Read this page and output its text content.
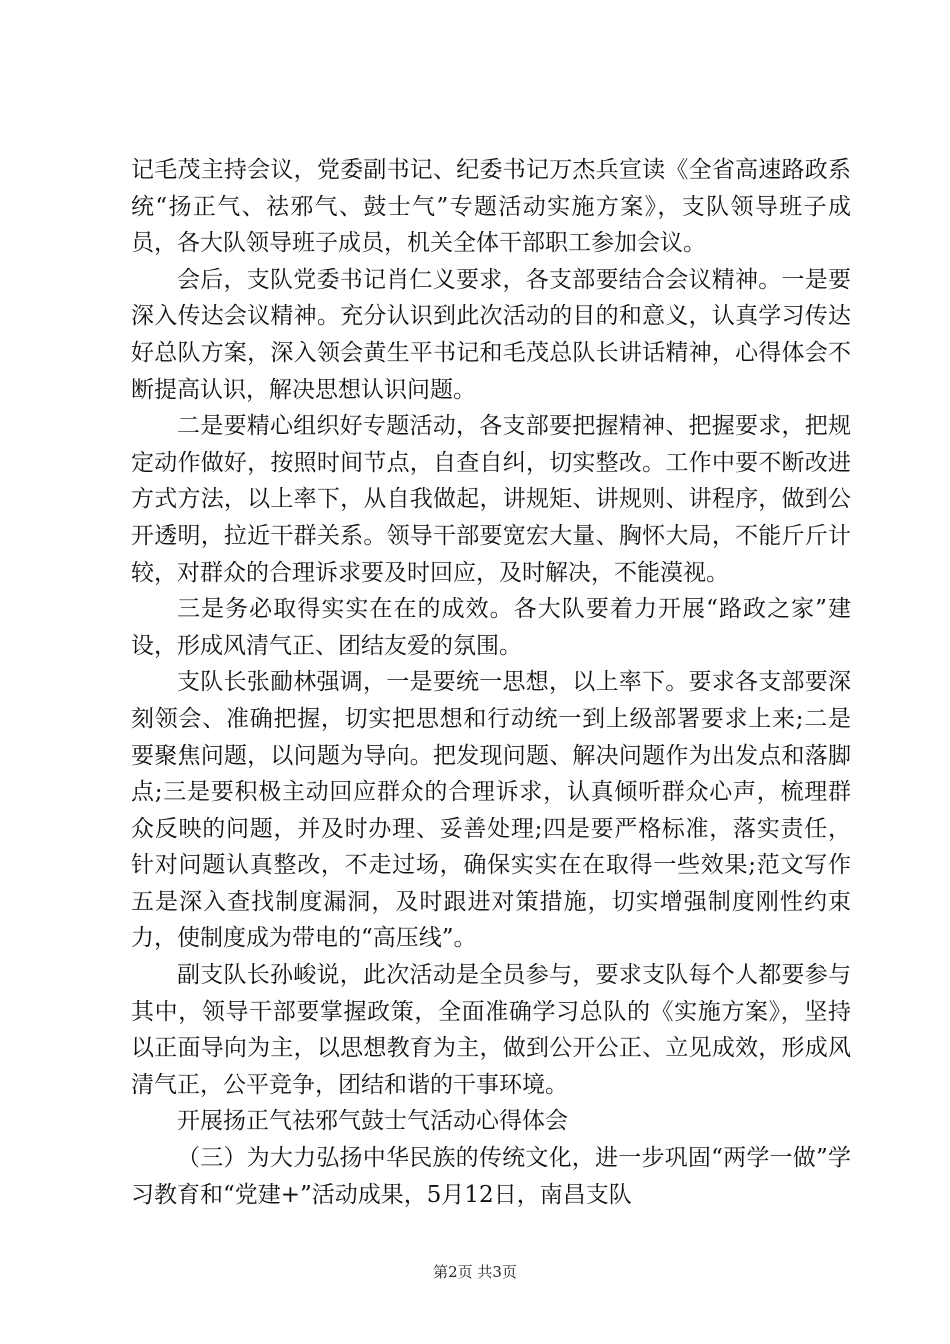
记毛茂主持会议，党委副书记、纪委书记万杰兵宣读《全省高速路政系统“扬正气、祛邪气、鼓士气”专题活动实施方案》，支队领导班子成员，各大队领导班子成员，机关全体干部职工参加会议。

会后，支队党委书记肖仁义要求，各支部要结合会议精神。一是要深入传达会议精神。充分认识到此次活动的目的和意义，认真学习传达好总队方案，深入领会黄生平书记和毛茂总队长讲话精神，心得体会不断提高认识，解决思想认识问题。

二是要精心组织好专题活动，各支部要把握精神、把握要求，把规定动作做好，按照时间节点，自查自纠，切实整改。工作中要不断改进方式方法，以上率下，从自我做起，讲规矩、讲规则、讲程序，做到公开透明，拉近干群关系。领导干部要宽宏大量、胸怀大局，不能斤斤计较，对群众的合理诉求要及时回应，及时解决，不能漠视。

三是务必取得实实在在的成效。各大队要着力开展“路政之家”建设，形成风清气正、团结友爱的氛围。

支队长张勔林强调，一是要统一思想，以上率下。要求各支部要深刻领会、准确把握，切实把思想和行动统一到上级部署要求上来;二是要聚焦问题，以问题为导向。把发现问题、解决问题作为出发点和落脚点;三是要积极主动回应群众的合理诉求，认真倾听群众心声，梳理群众反映的问题，并及时办理、妥善处理;四是要严格标准，落实责任，针对问题认真整改，不走过场，确保实实在在取得一些效果;范文写作五是深入查找制度漏洞，及时跟进对策措施，切实增强制度刚性约束力，使制度成为带电的“高压线”。

副支队长孙峻说，此次活动是全员参与，要求支队每个人都要参与其中，领导干部要掌握政策，全面准确学习总队的《实施方案》，坚持以正面导向为主，以思想教育为主，做到公开公正、立见成效，形成风清气正，公平竞争，团结和谐的干事环境。

开展扬正气祛邪气鼓士气活动心得体会

（三）为大力弘扬中华民族的传统文化，进一步巩固“两学一做”学习教育和“党建+”活动成果，5月12日，南昌支队

第2页 共3页
